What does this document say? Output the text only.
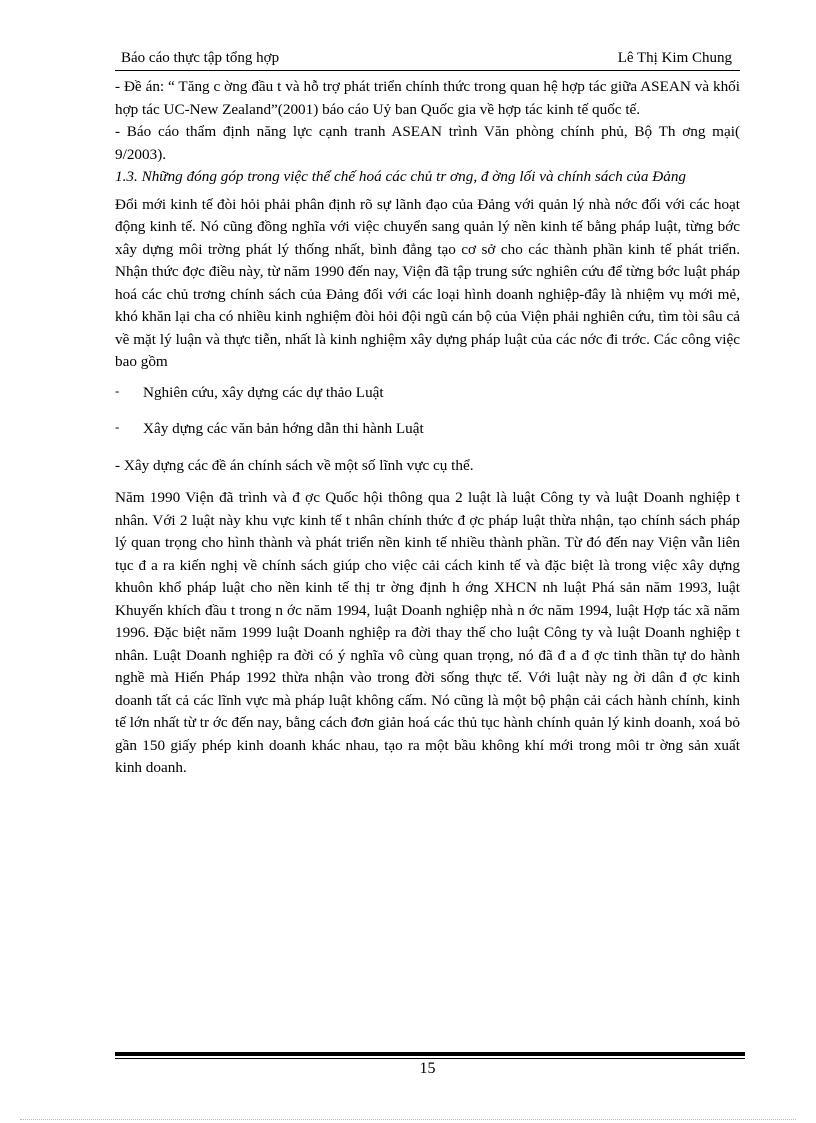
Báo cáo thực tập tổng hợp	Lê Thị Kim Chung

- Đề án: “ Tăng c ờng đầu t và hỗ trợ phát triển chính thức trong quan hệ hợp tác giữa ASEAN và khối hợp tác UC-New Zealand”(2001) báo cáo Uỷ ban Quốc gia về hợp tác kinh tế quốc tế.

- Báo cáo thẩm định năng lực cạnh tranh ASEAN trình Văn phòng chính phủ, Bộ Th ơng mại( 9/2003).

1.3. Những đóng góp trong việc thể chế hoá các chủ tr ơng, đ ờng lối và chính sách của Đảng

Đổi mới kinh tế đòi hỏi phải phân định rõ sự lãnh đạo của Đảng với quản lý nhà nớc đối với các hoạt động kinh tế. Nó cũng đồng nghĩa với việc chuyển sang quản lý nền kinh tế bằng pháp luật, từng bớc xây dựng môi trờng phát lý thống nhất, bình đẳng tạo cơ sở cho các thành phần kinh tế phát triển. Nhận thức đợc điều này, từ năm 1990 đến nay, Viện đã tập trung sức nghiên cứu để từng bớc luật pháp hoá các chủ trơng chính sách của Đảng đối với các loại hình doanh nghiệp-đây là nhiệm vụ mới mẻ, khó khăn lại cha có nhiều kinh nghiệm đòi hỏi đội ngũ cán bộ của Viện phải nghiên cứu, tìm tòi sâu cả về mặt lý luận và thực tiễn, nhất là kinh nghiệm xây dựng pháp luật của các nớc đi trớc. Các công việc bao gồm

- Nghiên cứu, xây dựng các dự thảo Luật
- Xây dựng các văn bản hớng dẫn thi hành Luật

- Xây dựng các đề án chính sách về một số lĩnh vực cụ thể.

Năm 1990 Viện đã trình và đ ợc Quốc hội thông qua 2 luật là luật Công ty và luật Doanh nghiệp t nhân. Với 2 luật này khu vực kinh tế t nhân chính thức đ ợc pháp luật thừa nhận, tạo chính sách pháp lý quan trọng cho hình thành và phát triển nền kinh tế nhiều thành phần. Từ đó đến nay Viện vẫn liên tục đ a ra kiến nghị về chính sách giúp cho việc cải cách kinh tế và đặc biệt là trong việc xây dựng khuôn khổ pháp luật cho nền kinh tế thị tr ờng định h ớng XHCN nh luật Phá sản năm 1993, luật Khuyến khích đầu t trong n ớc năm 1994, luật Doanh nghiệp nhà n ớc năm 1994, luật Hợp tác xã năm 1996. Đặc biệt năm 1999 luật Doanh nghiệp ra đời thay thế cho luật Công ty và luật Doanh nghiệp t nhân. Luật Doanh nghiệp ra đời có ý nghĩa vô cùng quan trọng, nó đã đ a đ ợc tinh thần tự do hành nghề mà Hiến Pháp 1992 thừa nhận vào trong đời sống thực tế. Với luật này ng ời dân đ ợc kinh doanh tất cả các lĩnh vực mà pháp luật không cấm. Nó cũng là một bộ phận cải cách hành chính, kinh tế lớn nhất từ tr ớc đến nay, bằng cách đơn giản hoá các thủ tục hành chính quản lý kinh doanh, xoá bỏ gần 150 giấy phép kinh doanh khác nhau, tạo ra một bầu không khí mới trong môi tr ờng sản xuất kinh doanh.

15
